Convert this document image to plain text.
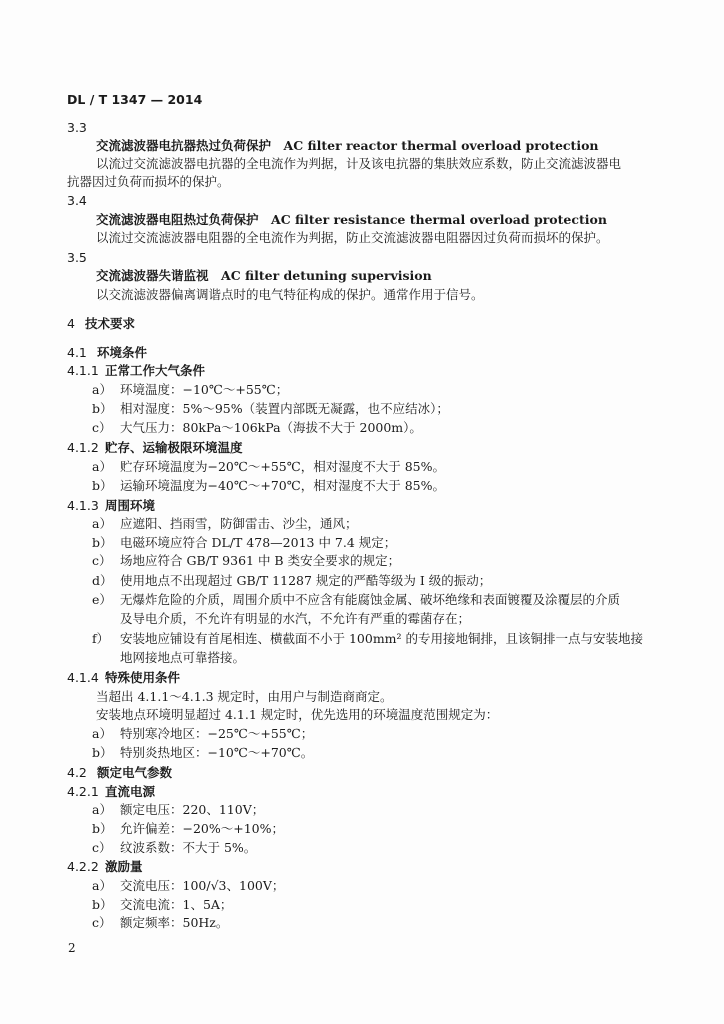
DL / T 1347 — 2014
3.3
交流滤波器电抗器热过负荷保护　AC filter reactor thermal overload protection
以流过交流滤波器电抗器的全电流作为判据，计及该电抗器的集肤效应系数，防止交流滤波器电
抗器因过负荷而损坏的保护。
3.4
交流滤波器电阻热过负荷保护　AC filter resistance thermal overload protection
以流过交流滤波器电阻器的全电流作为判据，防止交流滤波器电阻器因过负荷而损坏的保护。
3.5
交流滤波器失谐监视　AC filter detuning supervision
以交流滤波器偏离调谐点时的电气特征构成的保护。通常作用于信号。
4 技术要求
4.1 环境条件
4.1.1 正常工作大气条件
a） 环境温度：−10℃～+55℃；
b） 相对湿度：5%～95%（装置内部既无凝露，也不应结冰）；
c） 大气压力：80kPa～106kPa（海拔不大于 2000m）。
4.1.2 贮存、运输极限环境温度
a） 贮存环境温度为−20℃～+55℃，相对湿度不大于 85%。
b） 运输环境温度为−40℃～+70℃，相对湿度不大于 85%。
4.1.3 周围环境
a） 应遮阳、挡雨雪，防御雷击、沙尘，通风；
b） 电磁环境应符合 DL/T 478—2013 中 7.4 规定；
c） 场地应符合 GB/T 9361 中 B 类安全要求的规定；
d） 使用地点不出现超过 GB/T 11287 规定的严酷等级为 I 级的振动；
e） 无爆炸危险的介质，周围介质中不应含有能腐蚀金属、破坏绝缘和表面镀覆及涂覆层的介质
及导电介质，不允许有明显的水汽，不允许有严重的霉菌存在；
f） 安装地应铺设有首尾相连、横截面不小于 100mm² 的专用接地铜排，且该铜排一点与安装地接
地网接地点可靠搭接。
4.1.4 特殊使用条件
当超出 4.1.1～4.1.3 规定时，由用户与制造商商定。
安装地点环境明显超过 4.1.1 规定时，优先选用的环境温度范围规定为：
a） 特别寒冷地区：−25℃～+55℃；
b） 特别炎热地区：−10℃～+70℃。
4.2 额定电气参数
4.2.1 直流电源
a） 额定电压：220、110V；
b） 允许偏差：−20%～+10%；
c） 纹波系数：不大于 5%。
4.2.2 激励量
a） 交流电压：100/√3、100V；
b） 交流电流：1、5A；
c） 额定频率：50Hz。
2
